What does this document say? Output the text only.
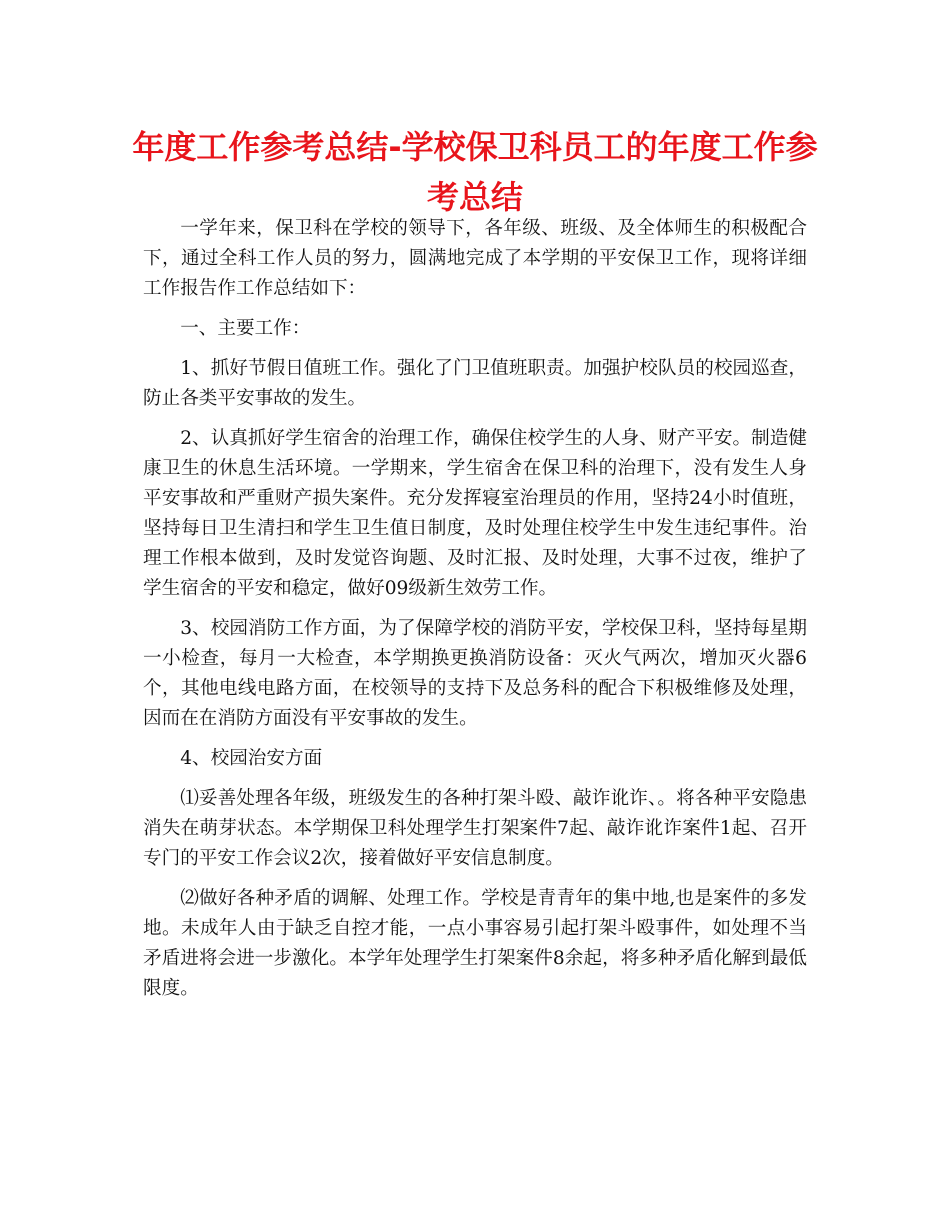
年度工作参考总结-学校保卫科员工的年度工作参考总结

一学年来，保卫科在学校的领导下，各年级、班级、及全体师生的积极配合下，通过全科工作人员的努力，圆满地完成了本学期的平安保卫工作，现将详细工作报告作工作总结如下：

一、主要工作：

1、抓好节假日值班工作。强化了门卫值班职责。加强护校队员的校园巡查，防止各类平安事故的发生。

2、认真抓好学生宿舍的治理工作，确保住校学生的人身、财产平安。制造健康卫生的休息生活环境。一学期来，学生宿舍在保卫科的治理下，没有发生人身平安事故和严重财产损失案件。充分发挥寝室治理员的作用，坚持24小时值班，坚持每日卫生清扫和学生卫生值日制度，及时处理住校学生中发生违纪事件。治理工作根本做到，及时发觉咨询题、及时汇报、及时处理，大事不过夜，维护了学生宿舍的平安和稳定，做好09级新生效劳工作。

3、校园消防工作方面，为了保障学校的消防平安，学校保卫科，坚持每星期一小检查，每月一大检查，本学期换更换消防设备：灭火气两次，增加灭火器6个，其他电线电路方面，在校领导的支持下及总务科的配合下积极维修及处理，因而在在消防方面没有平安事故的发生。

4、校园治安方面

⑴妥善处理各年级，班级发生的各种打架斗殴、敲诈讹诈、。将各种平安隐患消失在萌芽状态。本学期保卫科处理学生打架案件7起、敲诈讹诈案件1起、召开专门的平安工作会议2次，接着做好平安信息制度。

⑵做好各种矛盾的调解、处理工作。学校是青青年的集中地,也是案件的多发地。未成年人由于缺乏自控才能，一点小事容易引起打架斗殴事件，如处理不当矛盾进将会进一步激化。本学年处理学生打架案件8余起，将多种矛盾化解到最低限度。
